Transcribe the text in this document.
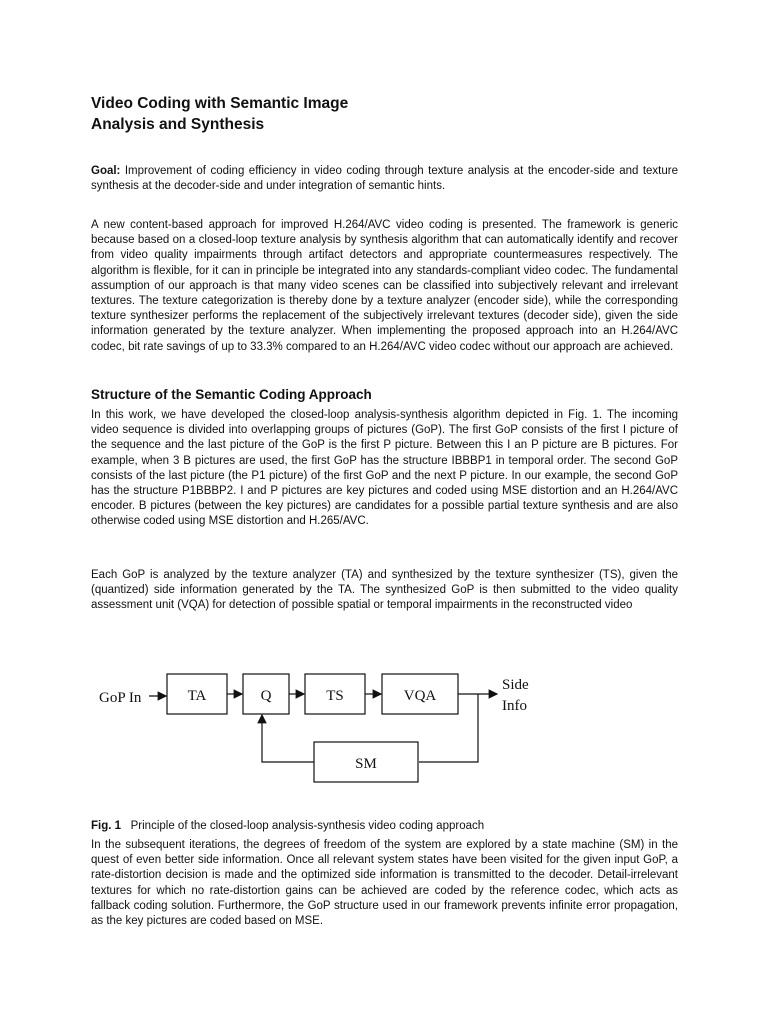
Video Coding with Semantic Image
Analysis and Synthesis

Goal: Improvement of coding efficiency in video coding through texture analysis at the encoder-side and texture synthesis at the decoder-side and under integration of semantic hints.

A new content-based approach for improved H.264/AVC video coding is presented. The framework is generic because based on a closed-loop texture analysis by synthesis algorithm that can automatically identify and recover from video quality impairments through artifact detectors and appropriate countermeasures respectively. The algorithm is flexible, for it can in principle be integrated into any standards-compliant video codec. The fundamental assumption of our approach is that many video scenes can be classified into subjectively relevant and irrelevant textures. The texture categorization is thereby done by a texture analyzer (encoder side), while the corresponding texture synthesizer performs the replacement of the subjectively irrelevant textures (decoder side), given the side information generated by the texture analyzer. When implementing the proposed approach into an H.264/AVC codec, bit rate savings of up to 33.3% compared to an H.264/AVC video codec without our approach are achieved.

Structure of the Semantic Coding Approach

In this work, we have developed the closed-loop analysis-synthesis algorithm depicted in Fig. 1. The incoming video sequence is divided into overlapping groups of pictures (GoP). The first GoP consists of the first I picture of the sequence and the last picture of the GoP is the first P picture. Between this I an P picture are B pictures. For example, when 3 B pictures are used, the first GoP has the structure IBBBP1 in temporal order. The second GoP consists of the last picture (the P1 picture) of the first GoP and the next P picture. In our example, the second GoP has the structure P1BBBP2. I and P pictures are key pictures and coded using MSE distortion and an H.264/AVC encoder. B pictures (between the key pictures) are candidates for a possible partial texture synthesis and are also otherwise coded using MSE distortion and H.265/AVC.

Each GoP is analyzed by the texture analyzer (TA) and synthesized by the texture synthesizer (TS), given the (quantized) side information generated by the TA. The synthesized GoP is then submitted to the video quality assessment unit (VQA) for detection of possible spatial or temporal impairments in the reconstructed video

GoP In	TA	Q	TS	VQA
SM
Side
Info

Fig. 1 Principle of the closed-loop analysis-synthesis video coding approach

In the subsequent iterations, the degrees of freedom of the system are explored by a state machine (SM) in the quest of even better side information. Once all relevant system states have been visited for the given input GoP, a rate-distortion decision is made and the optimized side information is transmitted to the decoder. Detail-irrelevant textures for which no rate-distortion gains can be achieved are coded by the reference codec, which acts as fallback coding solution. Furthermore, the GoP structure used in our framework prevents infinite error propagation, as the key pictures are coded based on MSE.
